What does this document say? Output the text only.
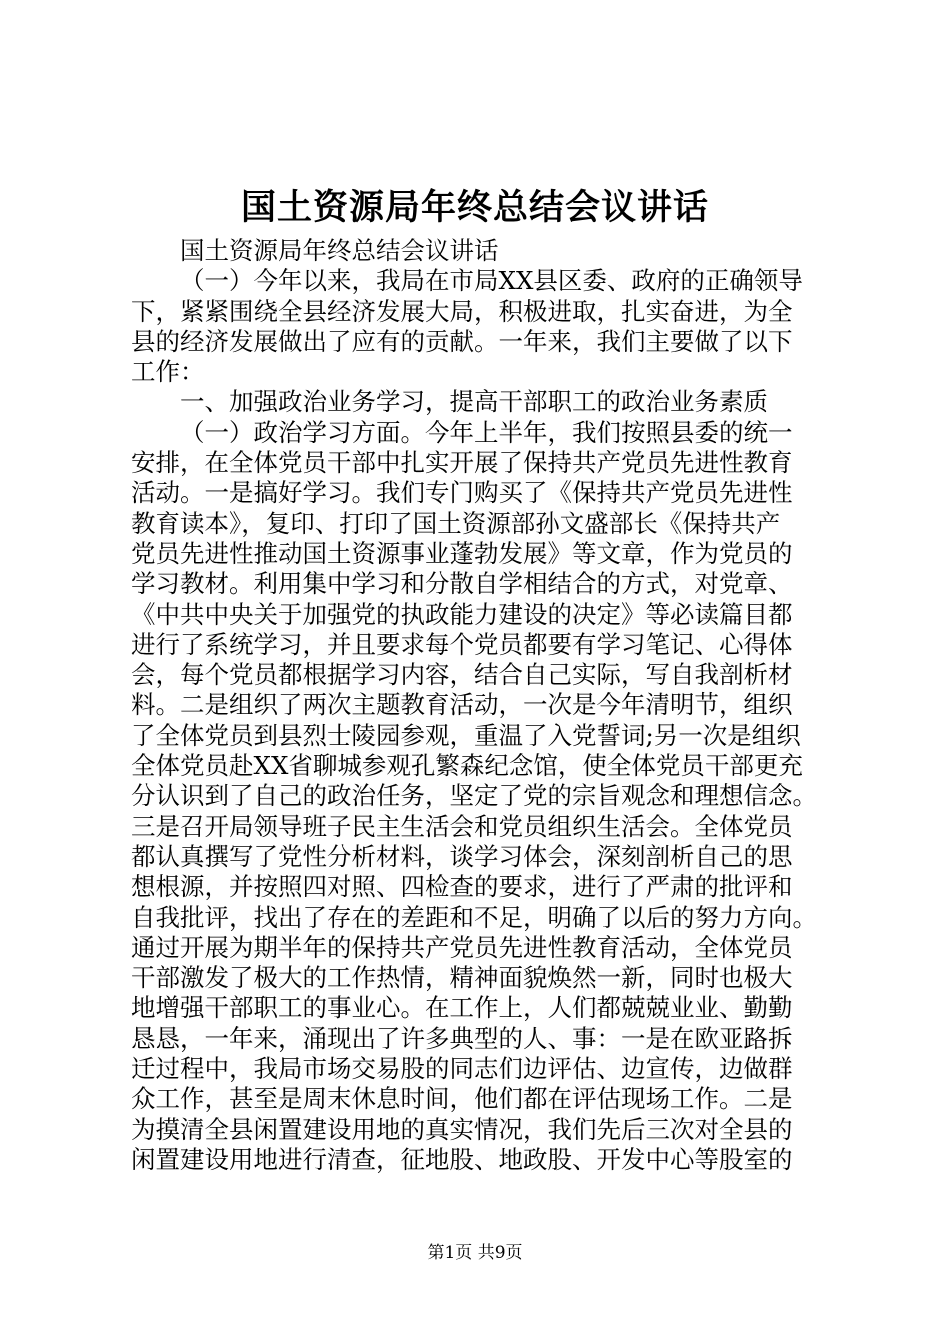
国土资源局年终总结会议讲话
国土资源局年终总结会议讲话
（一）今年以来，我局在市局XX县区委、政府的正确领导
下，紧紧围绕全县经济发展大局，积极进取，扎实奋进，为全
县的经济发展做出了应有的贡献。一年来，我们主要做了以下
工作：
一、加强政治业务学习，提高干部职工的政治业务素质
（一）政治学习方面。今年上半年，我们按照县委的统一
安排，在全体党员干部中扎实开展了保持共产党员先进性教育
活动。一是搞好学习。我们专门购买了《保持共产党员先进性
教育读本》，复印、打印了国土资源部孙文盛部长《保持共产
党员先进性推动国土资源事业蓬勃发展》等文章，作为党员的
学习教材。利用集中学习和分散自学相结合的方式，对党章、
《中共中央关于加强党的执政能力建设的决定》等必读篇目都
进行了系统学习，并且要求每个党员都要有学习笔记、心得体
会，每个党员都根据学习内容，结合自己实际，写自我剖析材
料。二是组织了两次主题教育活动，一次是今年清明节，组织
了全体党员到县烈士陵园参观，重温了入党誓词;另一次是组织
全体党员赴XX省聊城参观孔繁森纪念馆，使全体党员干部更充
分认识到了自己的政治任务，坚定了党的宗旨观念和理想信念。
三是召开局领导班子民主生活会和党员组织生活会。全体党员
都认真撰写了党性分析材料，谈学习体会，深刻剖析自己的思
想根源，并按照四对照、四检查的要求，进行了严肃的批评和
自我批评，找出了存在的差距和不足，明确了以后的努力方向。
通过开展为期半年的保持共产党员先进性教育活动，全体党员
干部激发了极大的工作热情，精神面貌焕然一新，同时也极大
地增强干部职工的事业心。在工作上，人们都兢兢业业、勤勤
恳恳，一年来，涌现出了许多典型的人、事：一是在欧亚路拆
迁过程中，我局市场交易股的同志们边评估、边宣传，边做群
众工作，甚至是周末休息时间，他们都在评估现场工作。二是
为摸清全县闲置建设用地的真实情况，我们先后三次对全县的
闲置建设用地进行清查，征地股、地政股、开发中心等股室的
第1页 共9页
